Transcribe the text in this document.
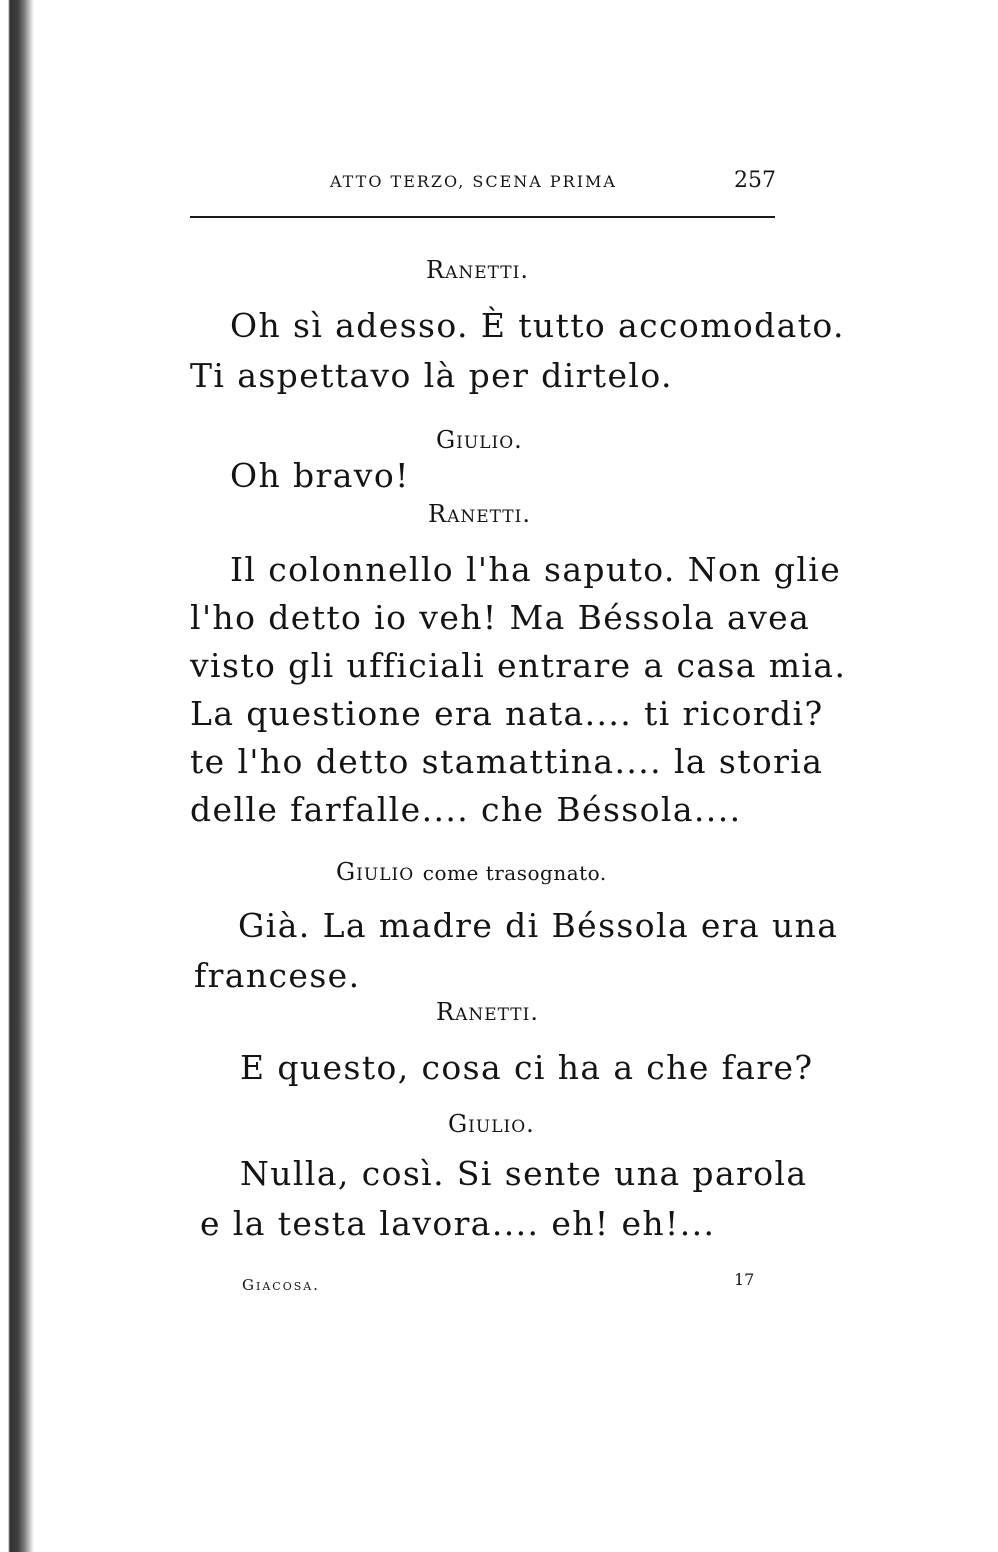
ATTO TERZO, SCENA PRIMA	257
Ranetti.
Oh sì adesso. È tutto accomodato.
Ti aspettavo là per dirtelo.
Giulio.
Oh bravo!
Ranetti.
Il colonnello l'ha saputo. Non glie
l'ho detto io veh! Ma Béssola avea
visto gli ufficiali entrare a casa mia.
La questione era nata.... ti ricordi?
te l'ho detto stamattina.... la storia
delle farfalle.... che Béssola....
Giulio come trasognato.
Già. La madre di Béssola era una
francese.
Ranetti.
E questo, cosa ci ha a che fare?
Giulio.
Nulla, così. Si sente una parola
e la testa lavora.... eh! eh!...
Giacosa.	17
